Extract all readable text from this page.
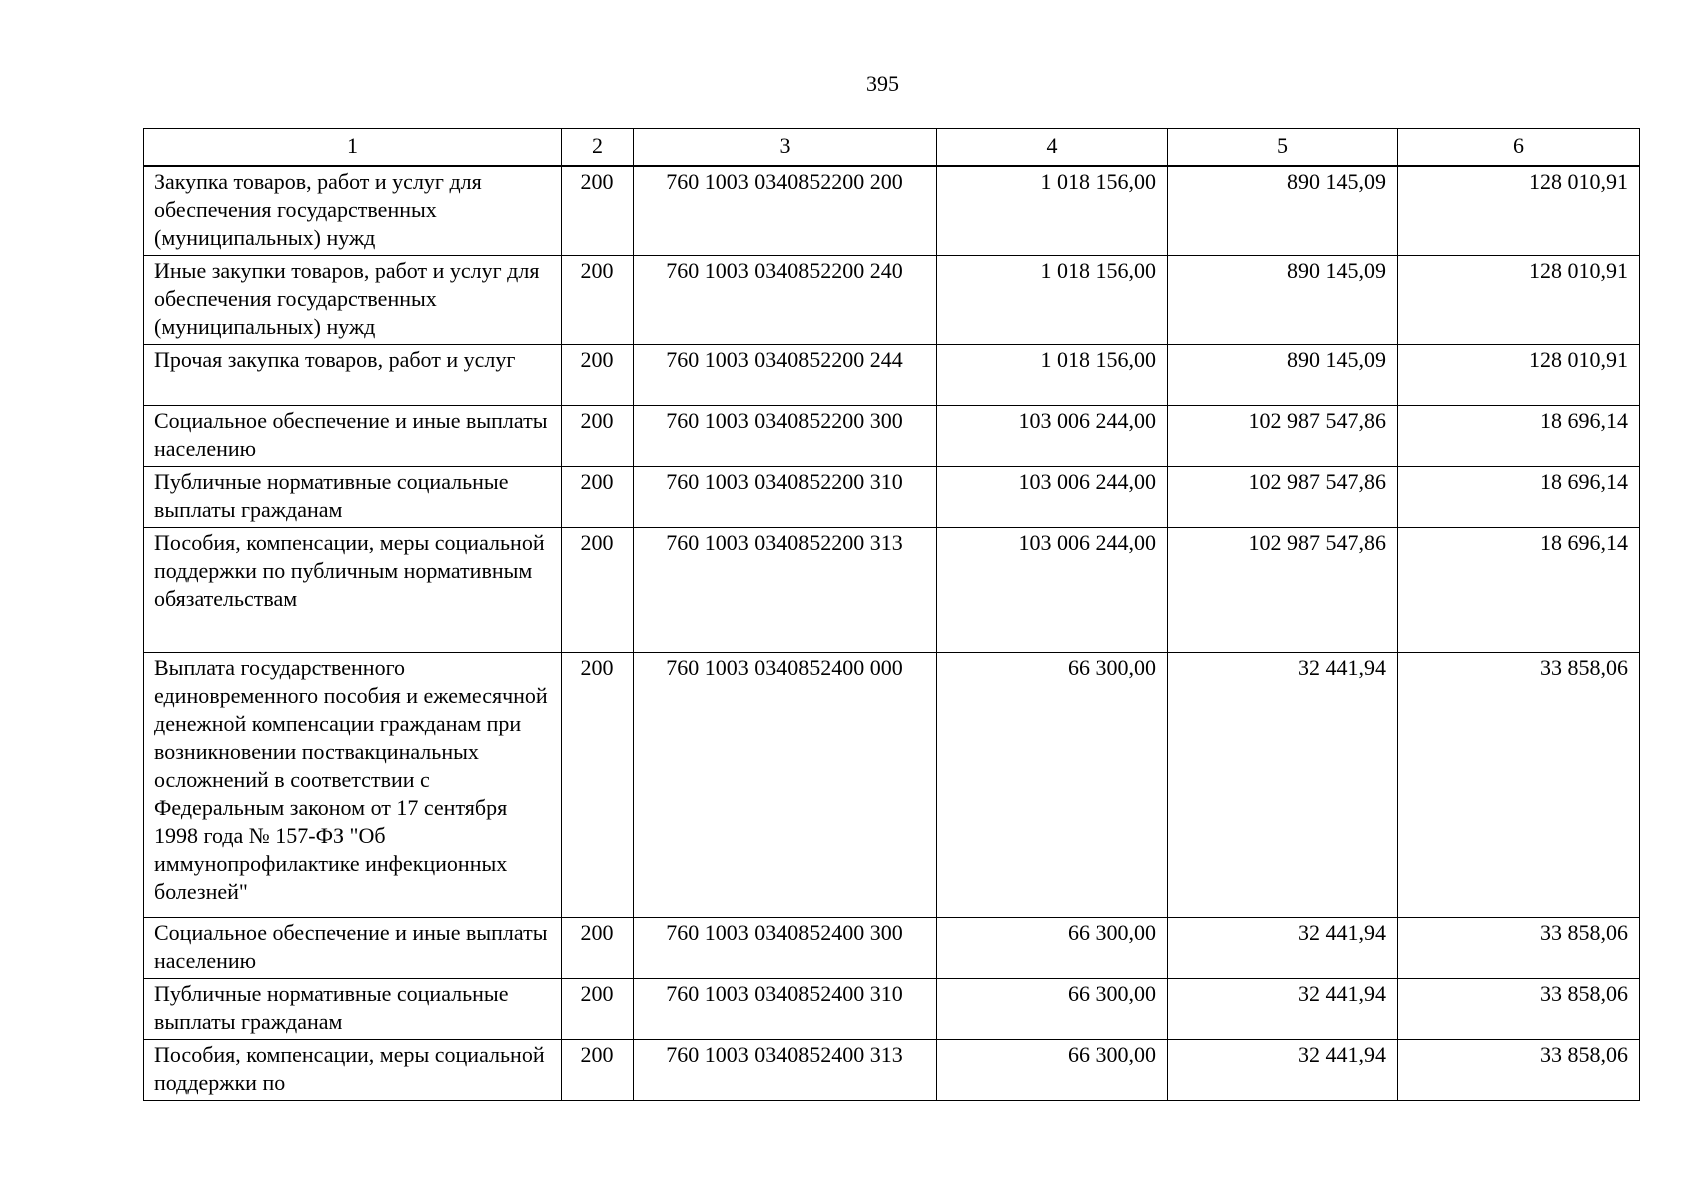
395
1	2	3	4	5	6
Закупка товаров, работ и услуг для обеспечения государственных (муниципальных) нужд	200	760 1003 0340852200 200	1 018 156,00	890 145,09	128 010,91
Иные закупки товаров, работ и услуг для обеспечения государственных (муниципальных) нужд	200	760 1003 0340852200 240	1 018 156,00	890 145,09	128 010,91
Прочая закупка товаров, работ и услуг	200	760 1003 0340852200 244	1 018 156,00	890 145,09	128 010,91
Социальное обеспечение и иные выплаты населению	200	760 1003 0340852200 300	103 006 244,00	102 987 547,86	18 696,14
Публичные нормативные социальные выплаты гражданам	200	760 1003 0340852200 310	103 006 244,00	102 987 547,86	18 696,14
Пособия, компенсации, меры социальной поддержки по публичным нормативным обязательствам	200	760 1003 0340852200 313	103 006 244,00	102 987 547,86	18 696,14
Выплата государственного единовременного пособия и ежемесячной денежной компенсации гражданам при возникновении поствакцинальных осложнений в соответствии с Федеральным законом от 17 сентября 1998 года № 157-ФЗ "Об иммунопрофилактике инфекционных болезней"	200	760 1003 0340852400 000	66 300,00	32 441,94	33 858,06
Социальное обеспечение и иные выплаты населению	200	760 1003 0340852400 300	66 300,00	32 441,94	33 858,06
Публичные нормативные социальные выплаты гражданам	200	760 1003 0340852400 310	66 300,00	32 441,94	33 858,06
Пособия, компенсации, меры социальной поддержки по	200	760 1003 0340852400 313	66 300,00	32 441,94	33 858,06
